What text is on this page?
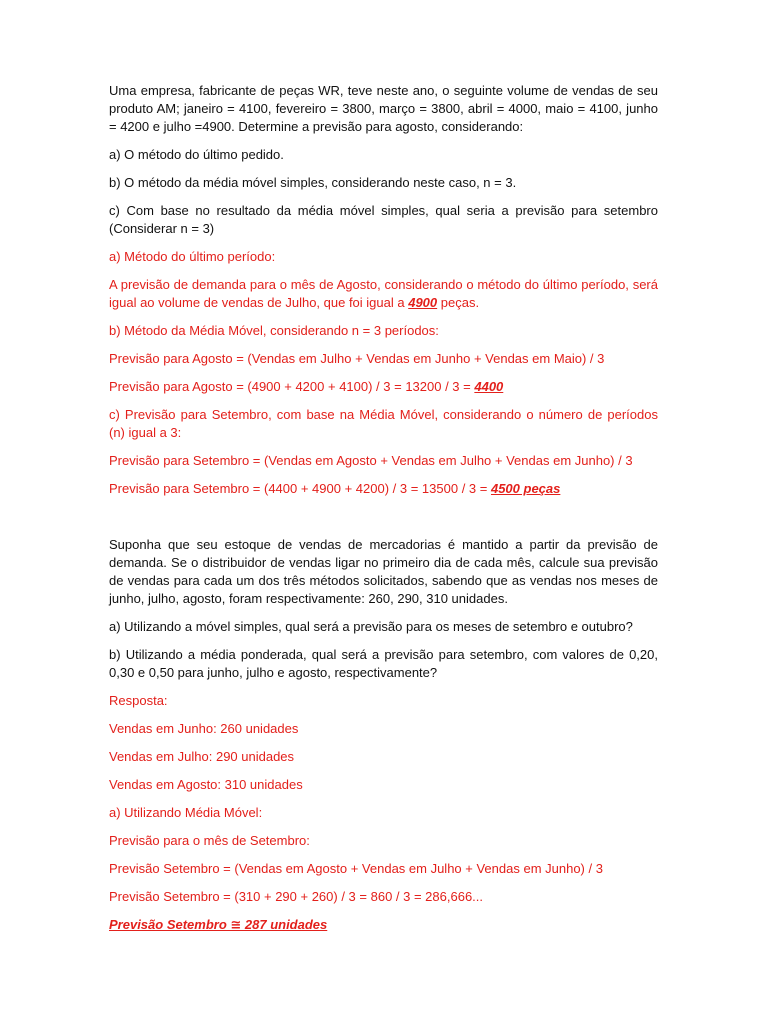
Uma empresa, fabricante de peças WR, teve neste ano, o seguinte volume de vendas de seu produto AM; janeiro = 4100, fevereiro = 3800, março = 3800, abril = 4000, maio = 4100, junho = 4200 e julho =4900. Determine a previsão para agosto, considerando:

a) O método do último pedido.

b) O método da média móvel simples, considerando neste caso, n = 3.

c) Com base no resultado da média móvel simples, qual seria a previsão para setembro (Considerar n = 3)

a) Método do último período:

A previsão de demanda para o mês de Agosto, considerando o método do último período, será igual ao volume de vendas de Julho, que foi igual a 4900 peças.

b) Método da Média Móvel, considerando n = 3 períodos:

Previsão para Agosto = (Vendas em Julho + Vendas em Junho + Vendas em Maio) / 3

Previsão para Agosto = (4900 + 4200 + 4100) / 3 = 13200 / 3 = 4400

c) Previsão para Setembro, com base na Média Móvel, considerando o número de períodos (n) igual a 3:

Previsão para Setembro = (Vendas em Agosto + Vendas em Julho + Vendas em Junho) / 3

Previsão para Setembro = (4400 + 4900 + 4200) / 3 = 13500 / 3 = 4500 peças

Suponha que seu estoque de vendas de mercadorias é mantido a partir da previsão de demanda. Se o distribuidor de vendas ligar no primeiro dia de cada mês, calcule sua previsão de vendas para cada um dos três métodos solicitados, sabendo que as vendas nos meses de junho, julho, agosto, foram respectivamente: 260, 290, 310 unidades.

a) Utilizando a móvel simples, qual será a previsão para os meses de setembro e outubro?

b) Utilizando a média ponderada, qual será a previsão para setembro, com valores de 0,20, 0,30 e 0,50 para junho, julho e agosto, respectivamente?

Resposta:

Vendas em Junho: 260 unidades

Vendas em Julho: 290 unidades

Vendas em Agosto: 310 unidades

a) Utilizando Média Móvel:

Previsão para o mês de Setembro:

Previsão Setembro = (Vendas em Agosto + Vendas em Julho + Vendas em Junho) / 3

Previsão Setembro = (310 + 290 + 260) / 3 = 860 / 3 = 286,666...

Previsão Setembro ≅ 287 unidades
